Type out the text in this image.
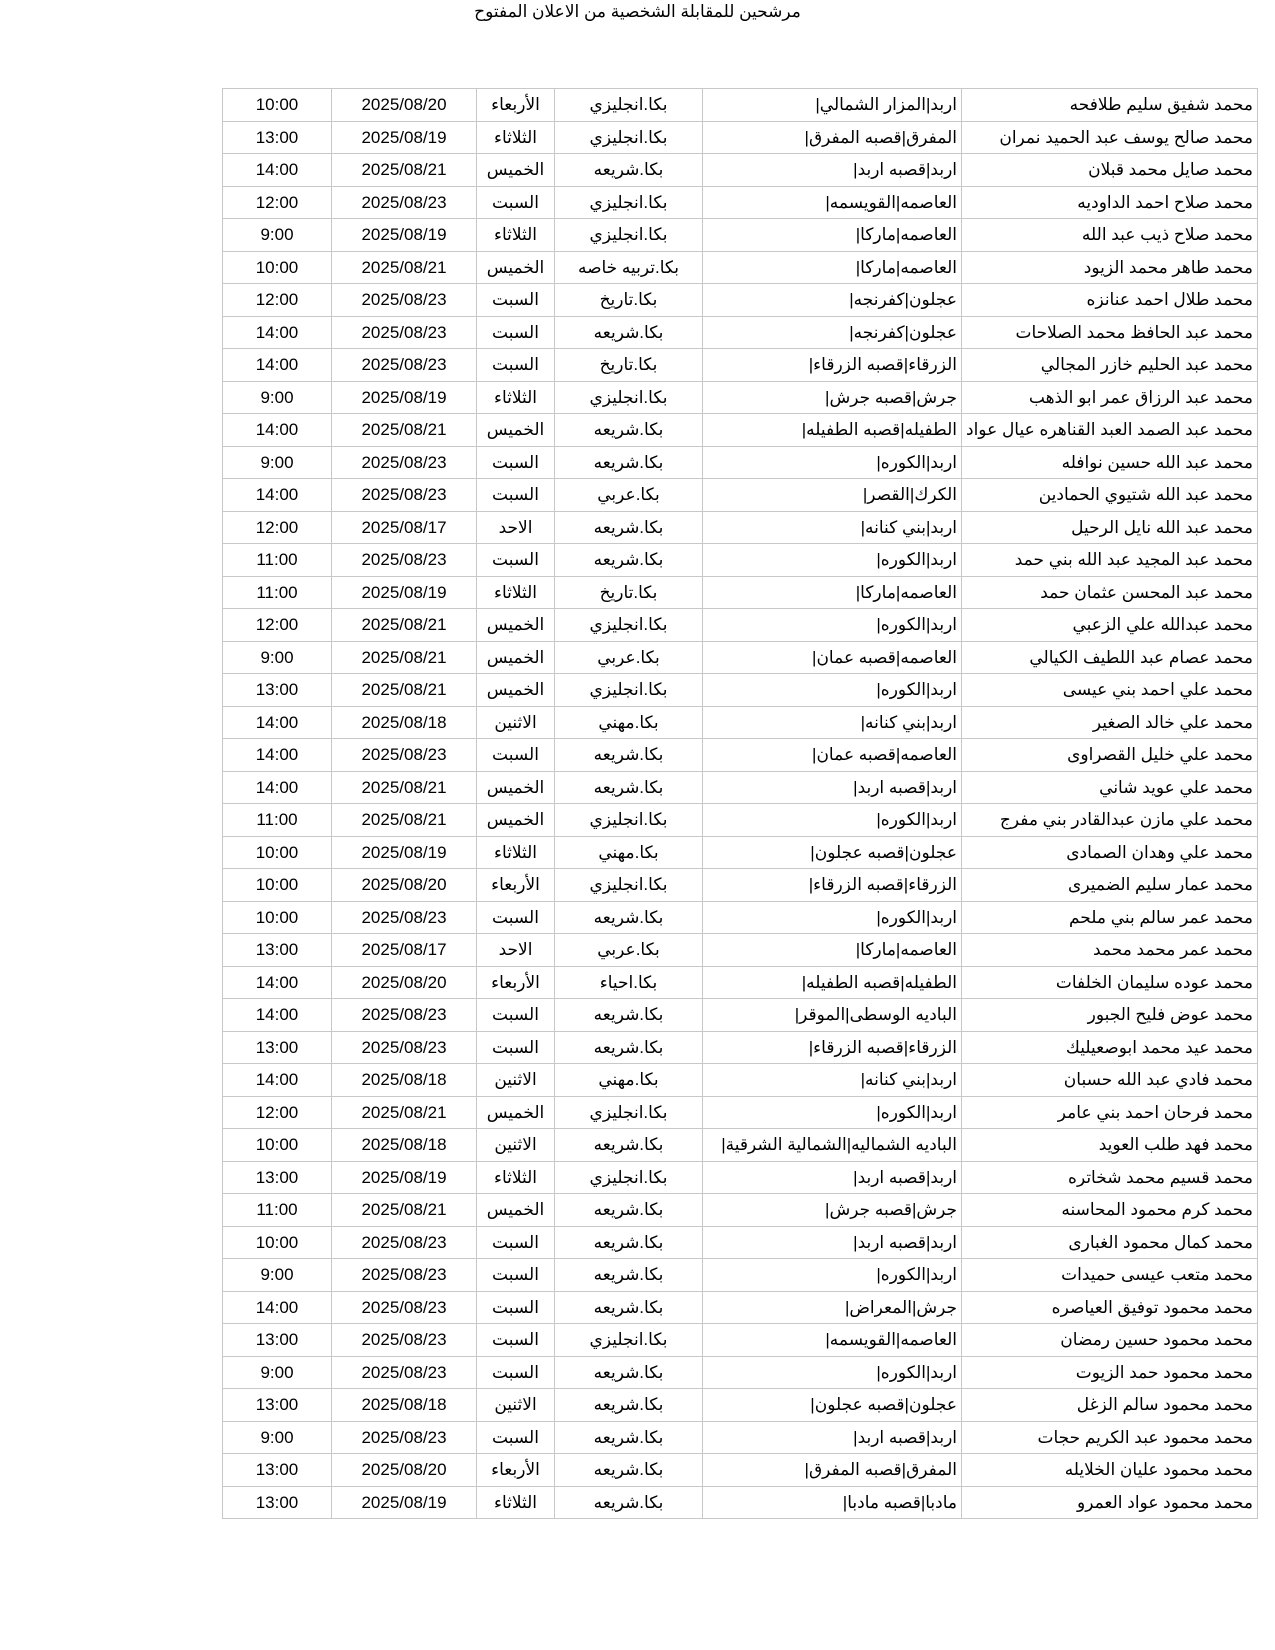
مرشحين للمقابلة الشخصية من الاعلان المفتوح
10:00	2025/08/20	الأربعاء	بكا.انجليزي	اربد|المزار الشمالي|	محمد شفيق سليم طلافحه
13:00	2025/08/19	الثلاثاء	بكا.انجليزي	المفرق|قصبه المفرق|	محمد صالح يوسف عبد الحميد نمران
14:00	2025/08/21	الخميس	بكا.شريعه	اربد|قصبه اربد|	محمد صايل محمد قبلان
12:00	2025/08/23	السبت	بكا.انجليزي	العاصمه|القويسمه|	محمد صلاح احمد الداوديه
9:00	2025/08/19	الثلاثاء	بكا.انجليزي	العاصمه|ماركا|	محمد صلاح ذيب عبد الله
10:00	2025/08/21	الخميس	بكا.تربيه خاصه	العاصمه|ماركا|	محمد طاهر محمد الزيود
12:00	2025/08/23	السبت	بكا.تاريخ	عجلون|كفرنجه|	محمد طلال احمد عنانزه
14:00	2025/08/23	السبت	بكا.شريعه	عجلون|كفرنجه|	محمد عبد الحافظ محمد الصلاحات
14:00	2025/08/23	السبت	بكا.تاريخ	الزرقاء|قصبه الزرقاء|	محمد عبد الحليم خازر المجالي
9:00	2025/08/19	الثلاثاء	بكا.انجليزي	جرش|قصبه جرش|	محمد عبد الرزاق عمر ابو الذهب
14:00	2025/08/21	الخميس	بكا.شريعه	الطفيله|قصبه الطفيله|	محمد عبد الصمد العبد القناهره عيال عواد
9:00	2025/08/23	السبت	بكا.شريعه	اربد|الكوره|	محمد عبد الله حسين نوافله
14:00	2025/08/23	السبت	بكا.عربي	الكرك|القصر|	محمد عبد الله شتيوي الحمادين
12:00	2025/08/17	الاحد	بكا.شريعه	اربد|بني كنانه|	محمد عبد الله نايل الرحيل
11:00	2025/08/23	السبت	بكا.شريعه	اربد|الكوره|	محمد عبد المجيد عبد الله بني حمد
11:00	2025/08/19	الثلاثاء	بكا.تاريخ	العاصمه|ماركا|	محمد عبد المحسن عثمان حمد
12:00	2025/08/21	الخميس	بكا.انجليزي	اربد|الكوره|	محمد عبدالله علي الزعبي
9:00	2025/08/21	الخميس	بكا.عربي	العاصمه|قصبه عمان|	محمد عصام عبد اللطيف الكيالي
13:00	2025/08/21	الخميس	بكا.انجليزي	اربد|الكوره|	محمد علي احمد بني عيسى
14:00	2025/08/18	الاثنين	بكا.مهني	اربد|بني كنانه|	محمد علي خالد الصغير
14:00	2025/08/23	السبت	بكا.شريعه	العاصمه|قصبه عمان|	محمد علي خليل القصراوى
14:00	2025/08/21	الخميس	بكا.شريعه	اربد|قصبه اربد|	محمد علي عويد شاني
11:00	2025/08/21	الخميس	بكا.انجليزي	اربد|الكوره|	محمد علي مازن عبدالقادر بني مفرج
10:00	2025/08/19	الثلاثاء	بكا.مهني	عجلون|قصبه عجلون|	محمد علي وهدان الصمادى
10:00	2025/08/20	الأربعاء	بكا.انجليزي	الزرقاء|قصبه الزرقاء|	محمد عمار سليم الضميرى
10:00	2025/08/23	السبت	بكا.شريعه	اربد|الكوره|	محمد عمر سالم بني ملحم
13:00	2025/08/17	الاحد	بكا.عربي	العاصمه|ماركا|	محمد عمر محمد محمد
14:00	2025/08/20	الأربعاء	بكا.احياء	الطفيله|قصبه الطفيله|	محمد عوده سليمان الخلفات
14:00	2025/08/23	السبت	بكا.شريعه	الباديه الوسطى|الموقر|	محمد عوض فليح الجبور
13:00	2025/08/23	السبت	بكا.شريعه	الزرقاء|قصبه الزرقاء|	محمد عيد محمد ابوصعيليك
14:00	2025/08/18	الاثنين	بكا.مهني	اربد|بني كنانه|	محمد فادي عبد الله حسبان
12:00	2025/08/21	الخميس	بكا.انجليزي	اربد|الكوره|	محمد فرحان احمد بني عامر
10:00	2025/08/18	الاثنين	بكا.شريعه	الباديه الشماليه|الشمالية الشرقية|	محمد فهد طلب العويد
13:00	2025/08/19	الثلاثاء	بكا.انجليزي	اربد|قصبه اربد|	محمد قسيم محمد شخاتره
11:00	2025/08/21	الخميس	بكا.شريعه	جرش|قصبه جرش|	محمد كرم محمود المحاسنه
10:00	2025/08/23	السبت	بكا.شريعه	اربد|قصبه اربد|	محمد كمال محمود الغبارى
9:00	2025/08/23	السبت	بكا.شريعه	اربد|الكوره|	محمد متعب عيسى حميدات
14:00	2025/08/23	السبت	بكا.شريعه	جرش|المعراض|	محمد محمود توفيق العياصره
13:00	2025/08/23	السبت	بكا.انجليزي	العاصمه|القويسمه|	محمد محمود حسين رمضان
9:00	2025/08/23	السبت	بكا.شريعه	اربد|الكوره|	محمد محمود حمد الزيوت
13:00	2025/08/18	الاثنين	بكا.شريعه	عجلون|قصبه عجلون|	محمد محمود سالم الزغل
9:00	2025/08/23	السبت	بكا.شريعه	اربد|قصبه اربد|	محمد محمود عبد الكريم حجات
13:00	2025/08/20	الأربعاء	بكا.شريعه	المفرق|قصبه المفرق|	محمد محمود عليان الخلايله
13:00	2025/08/19	الثلاثاء	بكا.شريعه	مادبا|قصبه مادبا|	محمد محمود عواد العمرو
